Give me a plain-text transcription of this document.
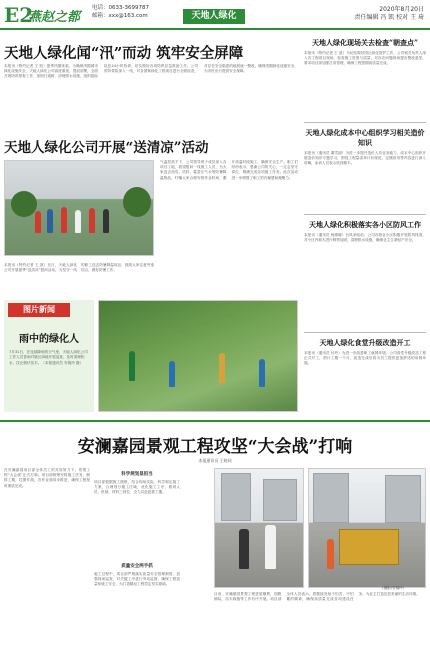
E2
燕赵之都
电话：0633-3699787
邮箱：xxx@163.com	天地人绿化
2020年8月20日
责任编辑 冯 凯 校对 王 琦
天地人绿化闻“汛”而动 筑牢安全屏障
本报讯（特约记者 王 凯）夏季汛期来临，为确保汛期城市绿化设施安全，天地人绿化公司高度重视，提前部署，全面开展防汛排查工作，加固行道树、清理排水设施，组织抢险队伍24小时待命，切实做好各项防汛应急准备工作。公司领导带队深入一线，对各园林绿化工程项目进行全面检查，对存在安全隐患的地段逐一整改，确保汛期绿化设施安全，为市民出行提供安全保障。
天地人绿化公司开展“送清凉”活动
本报讯（特约记者 王 凯）近日，天地人绿化公司开展夏季“送清凉”慰问活动，为坚守一线的职工送去防暑降温用品，鼓励大家注意劳逸结合，做好防暑工作。
气温居高不下，公司领导班子成员深入各项目工地，看望慰问一线施工人员，为大家送去西瓜、饮料、藿香正气水等防暑降温物品，叮嘱大家合理安排作业时间，避开高温时段施工，确保安全生产。职工们纷纷表示，感谢公司的关心，一定会坚守岗位，圆满完成各项施工任务。此次活动进一步增强了职工的归属感和凝聚力。
图片新闻
雨中的绿化人
7月31日，在连续降雨的天气里，天地人绿化公司工作人员冒雨对辖区绿地开展巡查，及时清理积水，扶正倒伏苗木。（本报通讯员 安锦玲 摄）
天地人绿化现场关去检查“朝查点”
本报讯（特约记者 王 凯）为切实做好园区绿化管护工作，公司相关负责人深入各工程项目现场，检查施工进度与质量，对存在问题现场提出整改意见，要求项目部加强日常管理，确保工程按期高质量完成。
天地人绿化成本中心组织学习相关造价知识
本报讯（通讯员 董雪丽）为进一步提升造价人员业务能力，成本中心组织开展造价知识专题学习，围绕工程量清单计价规范、定额套用等内容进行深入讲解，参训人员表示收获颇丰。
天地人绿化积极落实各小区防风工作
本报讯（通讯员 杨婧娜）台风来临前，公司各物业小区积极开展防风排查，对小区内树木进行修剪加固，清理排水设施，确保业主生命财产安全。
天地人绿化食堂升级改造开工
本报讯（通讯员 付玲）为进一步改善职工就餐环境，公司食堂升级改造工程正式开工，预计工期一个月，改造完成后将为员工提供更加舒适的用餐环境。
安澜嘉园景观工程攻坚“大会战”打响
本报通讯员 王晓同
在安澜嘉园项目部全体员工的共同努力下，景观工程“大会战”正式打响。项目部统筹安排施工任务，倒排工期，挂图作战，各作业面同步推进，确保工程按时保质完成。
科学规划显担当
项目部根据施工图纸，结合现场实际，科学制定施工方案，合理划分施工区域，优化施工工序，做到人员、机械、材料三到位，全力以赴抢抓工期。
质量安全两手抓
施工过程中，项目部严格落实质量安全管理制度，加强现场巡查，对关键工序进行旁站监督，确保工程质量和施工安全，为打造精品工程奠定坚实基础。
（摄影/安锦玲）
目前，安澜嘉园景观工程进展顺利，园路铺装、苗木栽植等工作有序开展。项目部全体人员表示，将继续发扬不怕苦、不怕累的精神，确保高质量完成各项建设任务，为业主打造宜居美丽的生活环境。
